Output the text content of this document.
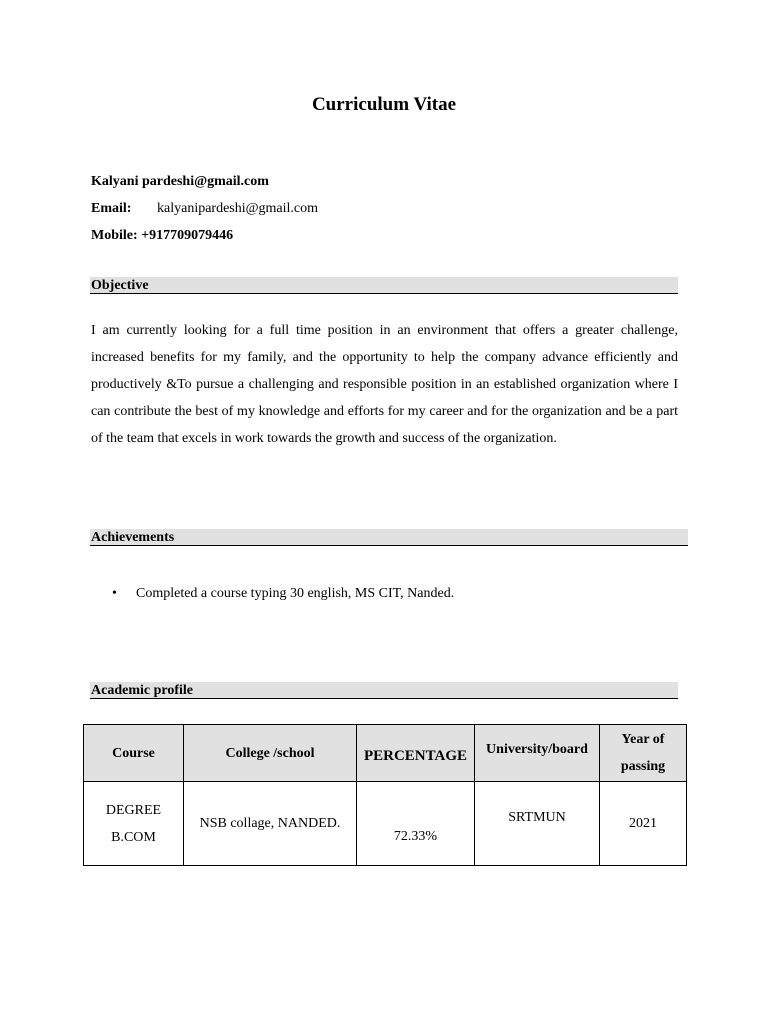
Curriculum Vitae
Kalyani pardeshi@gmail.com
Email: kalyanipardeshi@gmail.com
Mobile: +917709079446
Objective
I am currently looking for a full time position in an environment that offers a greater challenge, increased benefits for my family, and the opportunity to help the company advance efficiently and productively &To pursue a challenging and responsible position in an established organization where I can contribute the best of my knowledge and efforts for my career and for the organization and be a part of the team that excels in work towards the growth and success of the organization.
Achievements
• Completed a course typing 30 english, MS CIT, Nanded.
Academic profile
Course	College /school	PERCENTAGE	University/board	Year of
passing

DEGREE
B.COM	NSB collage, NANDED.	72.33%	SRTMUN	2021
